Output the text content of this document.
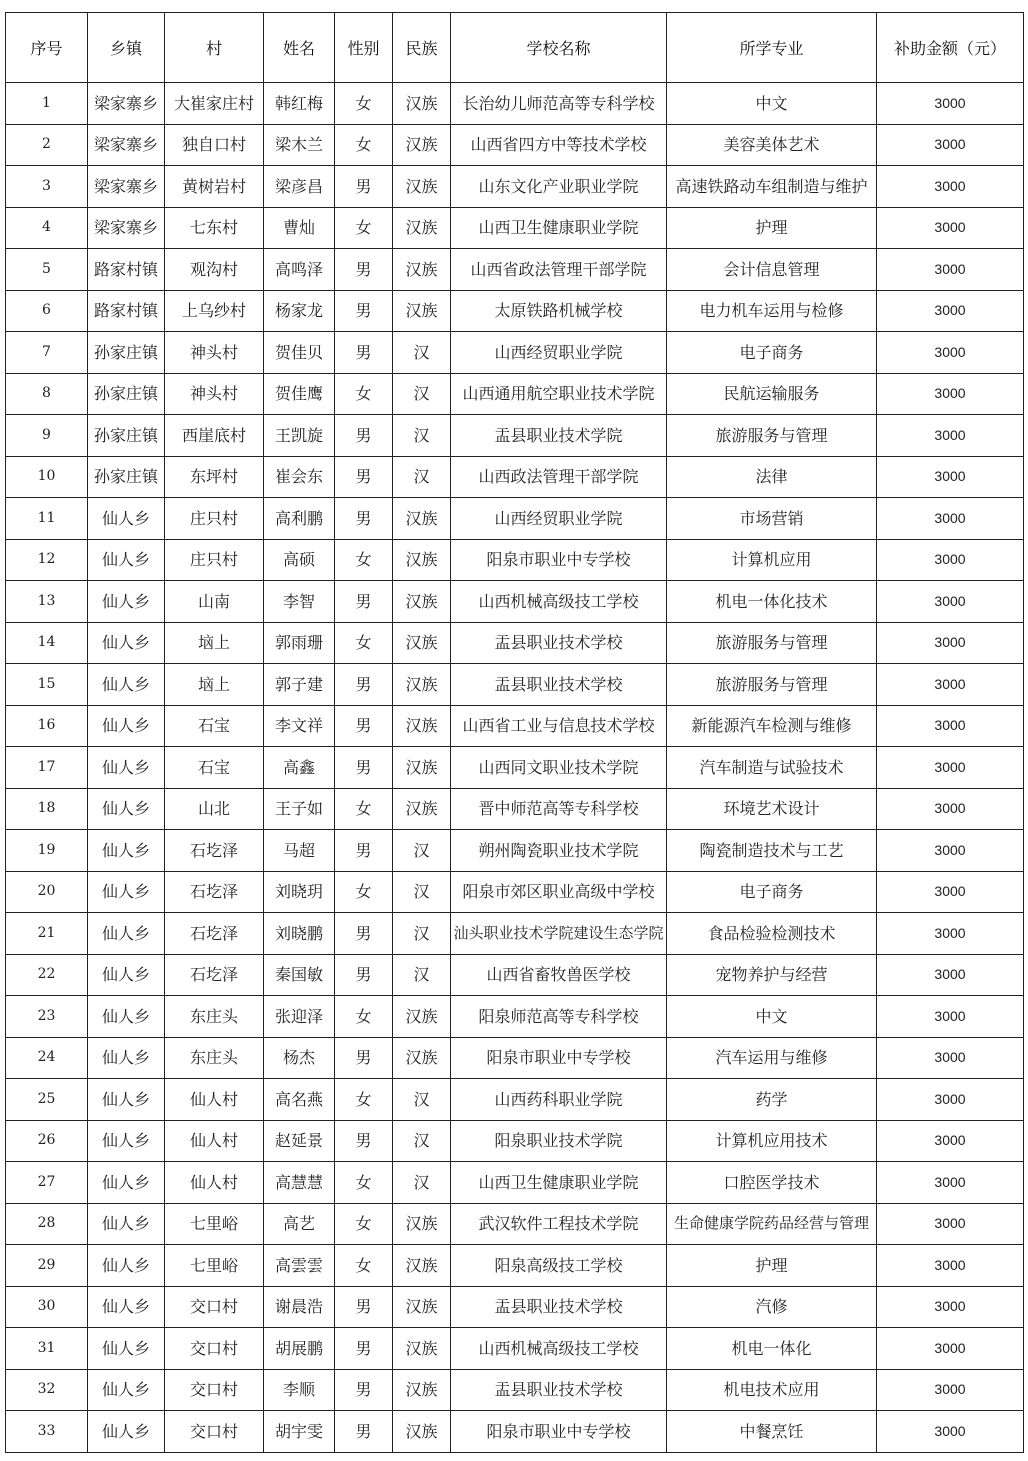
序号	乡镇	村	姓名	性别	民族	学校名称	所学专业	补助金额（元）
1	梁家寨乡	大崔家庄村	韩红梅	女	汉族	长治幼儿师范高等专科学校	中文	3000
2	梁家寨乡	独自口村	梁木兰	女	汉族	山西省四方中等技术学校	美容美体艺术	3000
3	梁家寨乡	黄树岩村	梁彦昌	男	汉族	山东文化产业职业学院	高速铁路动车组制造与维护	3000
4	梁家寨乡	七东村	曹灿	女	汉族	山西卫生健康职业学院	护理	3000
5	路家村镇	观沟村	高鸣泽	男	汉族	山西省政法管理干部学院	会计信息管理	3000
6	路家村镇	上乌纱村	杨家龙	男	汉族	太原铁路机械学校	电力机车运用与检修	3000
7	孙家庄镇	神头村	贺佳贝	男	汉	山西经贸职业学院	电子商务	3000
8	孙家庄镇	神头村	贺佳鹰	女	汉	山西通用航空职业技术学院	民航运输服务	3000
9	孙家庄镇	西崖底村	王凯旋	男	汉	盂县职业技术学院	旅游服务与管理	3000
10	孙家庄镇	东坪村	崔会东	男	汉	山西政法管理干部学院	法律	3000
11	仙人乡	庄只村	高利鹏	男	汉族	山西经贸职业学院	市场营销	3000
12	仙人乡	庄只村	高硕	女	汉族	阳泉市职业中专学校	计算机应用	3000
13	仙人乡	山南	李智	男	汉族	山西机械高级技工学校	机电一体化技术	3000
14	仙人乡	垴上	郭雨珊	女	汉族	盂县职业技术学校	旅游服务与管理	3000
15	仙人乡	垴上	郭子建	男	汉族	盂县职业技术学校	旅游服务与管理	3000
16	仙人乡	石宝	李文祥	男	汉族	山西省工业与信息技术学校	新能源汽车检测与维修	3000
17	仙人乡	石宝	高鑫	男	汉族	山西同文职业技术学院	汽车制造与试验技术	3000
18	仙人乡	山北	王子如	女	汉族	晋中师范高等专科学校	环境艺术设计	3000
19	仙人乡	石圪泽	马超	男	汉	朔州陶瓷职业技术学院	陶瓷制造技术与工艺	3000
20	仙人乡	石圪泽	刘晓玥	女	汉	阳泉市郊区职业高级中学校	电子商务	3000
21	仙人乡	石圪泽	刘晓鹏	男	汉	汕头职业技术学院建设生态学院	食品检验检测技术	3000
22	仙人乡	石圪泽	秦国敏	男	汉	山西省畜牧兽医学校	宠物养护与经营	3000
23	仙人乡	东庄头	张迎泽	女	汉族	阳泉师范高等专科学校	中文	3000
24	仙人乡	东庄头	杨杰	男	汉族	阳泉市职业中专学校	汽车运用与维修	3000
25	仙人乡	仙人村	高名燕	女	汉	山西药科职业学院	药学	3000
26	仙人乡	仙人村	赵延景	男	汉	阳泉职业技术学院	计算机应用技术	3000
27	仙人乡	仙人村	高慧慧	女	汉	山西卫生健康职业学院	口腔医学技术	3000
28	仙人乡	七里峪	高艺	女	汉族	武汉软件工程技术学院	生命健康学院药品经营与管理	3000
29	仙人乡	七里峪	高雲雲	女	汉族	阳泉高级技工学校	护理	3000
30	仙人乡	交口村	谢晨浩	男	汉族	盂县职业技术学校	汽修	3000
31	仙人乡	交口村	胡展鹏	男	汉族	山西机械高级技工学校	机电一体化	3000
32	仙人乡	交口村	李顺	男	汉族	盂县职业技术学校	机电技术应用	3000
33	仙人乡	交口村	胡宇雯	男	汉族	阳泉市职业中专学校	中餐烹饪	3000
